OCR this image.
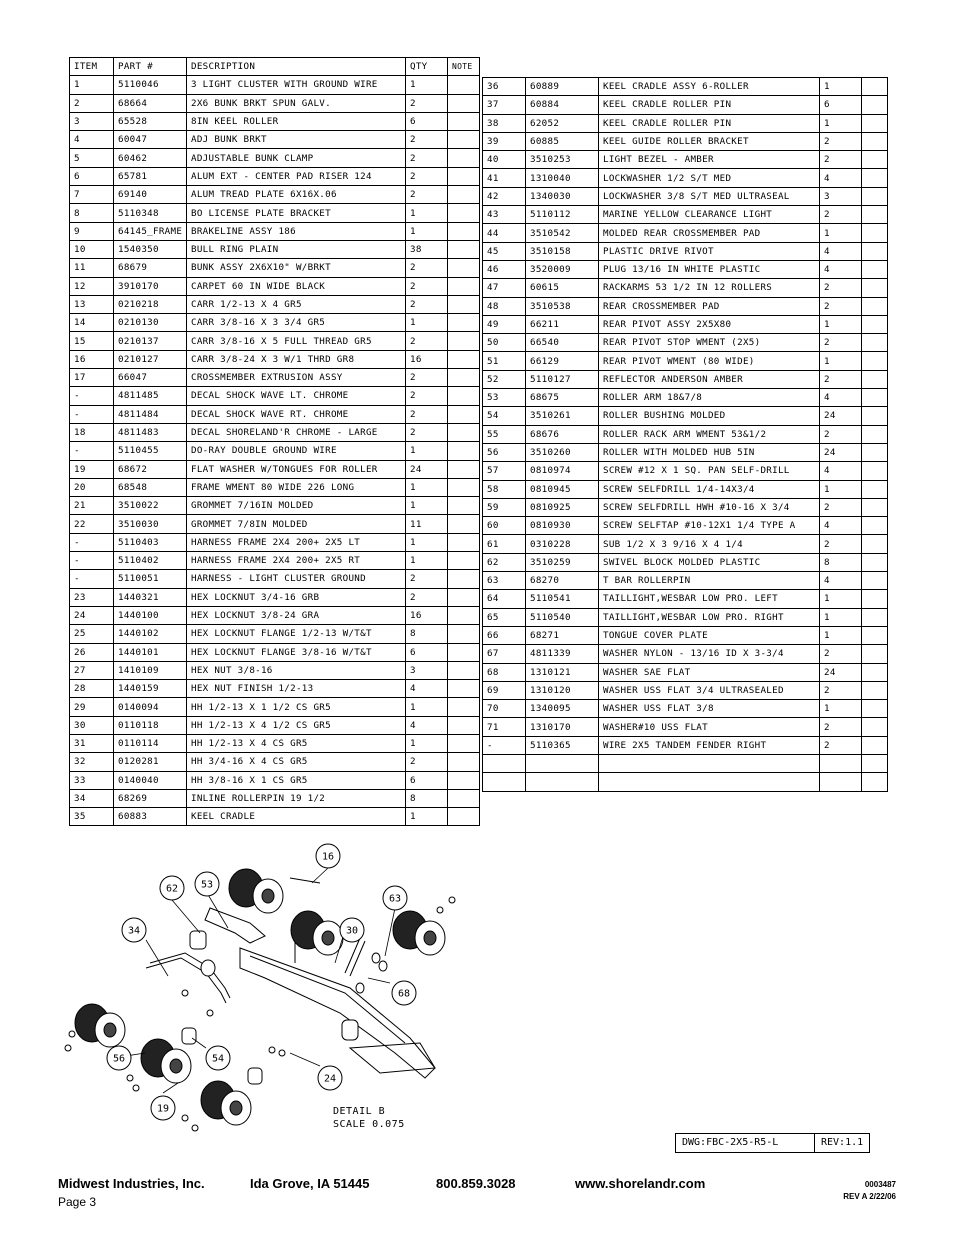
ITEM	PART #	DESCRIPTION	QTY	NOTE
1	5110046	3 LIGHT CLUSTER WITH GROUND WIRE	1	
2	68664	2X6 BUNK BRKT SPUN GALV.	2	
3	65528	8IN KEEL ROLLER	6	
4	60047	ADJ BUNK BRKT	2	
5	60462	ADJUSTABLE BUNK CLAMP	2	
6	65781	ALUM EXT - CENTER PAD RISER 124	2	
7	69140	ALUM TREAD PLATE 6X16X.06	2	
8	5110348	BO LICENSE PLATE BRACKET	1	
9	64145_FRAME	BRAKELINE ASSY 186	1	
10	1540350	BULL RING PLAIN	38	
11	68679	BUNK ASSY 2X6X10" W/BRKT	2	
12	3910170	CARPET 60 IN WIDE BLACK	2	
13	0210218	CARR 1/2-13 X 4 GR5	2	
14	0210130	CARR 3/8-16 X 3 3/4 GR5	1	
15	0210137	CARR 3/8-16 X 5 FULL THREAD GR5	2	
16	0210127	CARR 3/8-24 X 3 W/1 THRD GR8	16	
17	66047	CROSSMEMBER EXTRUSION ASSY	2	
-	4811485	DECAL SHOCK WAVE LT. CHROME	2	
-	4811484	DECAL SHOCK WAVE RT. CHROME	2	
18	4811483	DECAL SHORELAND'R CHROME - LARGE	2	
-	5110455	DO-RAY DOUBLE GROUND WIRE	1	
19	68672	FLAT WASHER W/TONGUES FOR ROLLER	24	
20	68548	FRAME WMENT 80 WIDE 226 LONG	1	
21	3510022	GROMMET 7/16IN MOLDED	1	
22	3510030	GROMMET 7/8IN MOLDED	11	
-	5110403	HARNESS FRAME 2X4 200+ 2X5 LT	1	
-	5110402	HARNESS FRAME 2X4 200+ 2X5 RT	1	
-	5110051	HARNESS - LIGHT CLUSTER GROUND	2	
23	1440321	HEX LOCKNUT 3/4-16 GRB	2	
24	1440100	HEX LOCKNUT 3/8-24 GRA	16	
25	1440102	HEX LOCKNUT FLANGE 1/2-13 W/T&T	8	
26	1440101	HEX LOCKNUT FLANGE 3/8-16 W/T&T	6	
27	1410109	HEX NUT 3/8-16	3	
28	1440159	HEX NUT FINISH 1/2-13	4	
29	0140094	HH 1/2-13 X 1 1/2 CS GR5	1	
30	0110118	HH 1/2-13 X 4 1/2 CS GR5	4	
31	0110114	HH 1/2-13 X 4 CS GR5	1	
32	0120281	HH 3/4-16 X 4 CS GR5	2	
33	0140040	HH 3/8-16 X 1 CS GR5	6	
34	68269	INLINE ROLLERPIN 19 1/2	8	
35	60883	KEEL CRADLE	1	
36	60889	KEEL CRADLE ASSY 6-ROLLER	1	
37	60884	KEEL CRADLE ROLLER PIN	6	
38	62052	KEEL CRADLE ROLLER PIN	1	
39	60885	KEEL GUIDE ROLLER BRACKET	2	
40	3510253	LIGHT BEZEL - AMBER	2	
41	1310040	LOCKWASHER 1/2 S/T MED	4	
42	1340030	LOCKWASHER 3/8 S/T MED ULTRASEAL	3	
43	5110112	MARINE YELLOW CLEARANCE LIGHT	2	
44	3510542	MOLDED REAR CROSSMEMBER PAD	1	
45	3510158	PLASTIC DRIVE RIVOT	4	
46	3520009	PLUG 13/16 IN WHITE PLASTIC	4	
47	60615	RACKARMS 53 1/2 IN 12 ROLLERS	2	
48	3510538	REAR CROSSMEMBER PAD	2	
49	66211	REAR PIVOT ASSY 2X5X80	1	
50	66540	REAR PIVOT STOP WMENT (2X5)	2	
51	66129	REAR PIVOT WMENT (80 WIDE)	1	
52	5110127	REFLECTOR ANDERSON AMBER	2	
53	68675	ROLLER ARM 18&7/8	4	
54	3510261	ROLLER BUSHING MOLDED	24	
55	68676	ROLLER RACK ARM WMENT 53&1/2	2	
56	3510260	ROLLER WITH MOLDED HUB 5IN	24	
57	0810974	SCREW #12 X 1 SQ. PAN SELF-DRILL	4	
58	0810945	SCREW SELFDRILL 1/4-14X3/4	1	
59	0810925	SCREW SELFDRILL HWH #10-16 X 3/4	2	
60	0810930	SCREW SELFTAP #10-12X1 1/4 TYPE A	4	
61	0310228	SUB 1/2 X 3 9/16 X 4 1/4	2	
62	3510259	SWIVEL BLOCK MOLDED PLASTIC	8	
63	68270	T BAR ROLLERPIN	4	
64	5110541	TAILLIGHT,WESBAR LOW PRO. LEFT	1	
65	5110540	TAILLIGHT,WESBAR LOW PRO. RIGHT	1	
66	68271	TONGUE COVER PLATE	1	
67	4811339	WASHER NYLON - 13/16 ID X 3-3/4	2	
68	1310121	WASHER SAE FLAT	24	
69	1310120	WASHER USS FLAT 3/4 ULTRASEALED	2	
70	1340095	WASHER USS FLAT 3/8	1	
71	1310170	WASHER#10 USS FLAT	2	
-	5110365	WIRE 2X5 TANDEM FENDER RIGHT	2	

16
62 53
63
34	30
68
56	54
24
19	DETAIL B
SCALE 0.075
DWG:FBC-2X5-R5-L	REV:1.1
Midwest Industries, Inc.	Ida Grove, IA 51445	800.859.3028	www.shorelandr.com
Page 3
0003487
REV A 2/22/06
